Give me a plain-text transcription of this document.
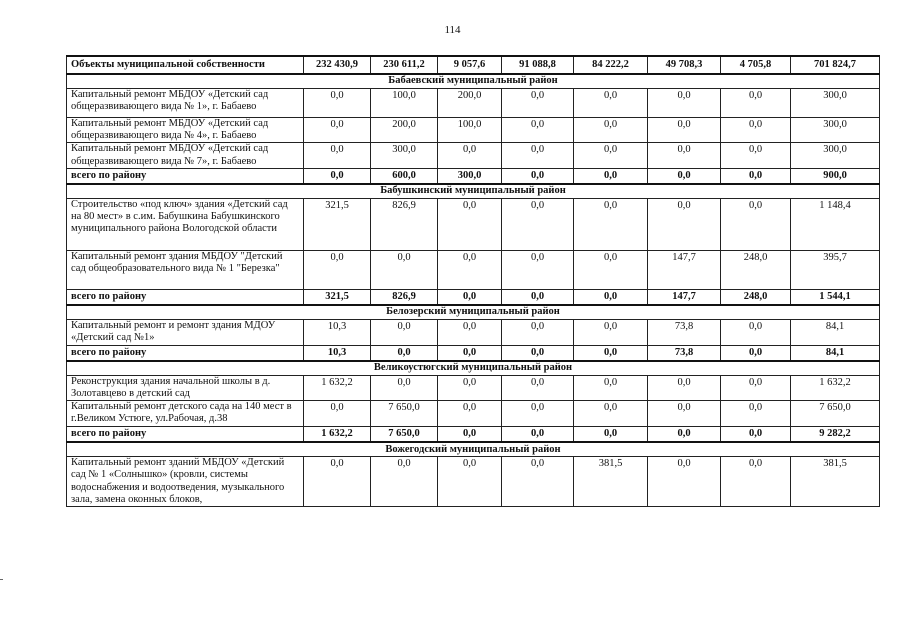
114
Объекты муниципальной собственности	232 430,9	230 611,2	9 057,6	91 088,8	84 222,2	49 708,3	4 705,8	701 824,7
Бабаевский муниципальный район								
Капитальный ремонт МБДОУ «Детский сад общеразвивающего вида № 1», г. Бабаево	0,0	100,0	200,0	0,0	0,0	0,0	0,0	300,0
Капитальный ремонт МБДОУ «Детский сад общеразвивающего вида № 4», г. Бабаево	0,0	200,0	100,0	0,0	0,0	0,0	0,0	300,0
Капитальный ремонт МБДОУ «Детский сад общеразвивающего вида № 7», г. Бабаево	0,0	300,0	0,0	0,0	0,0	0,0	0,0	300,0
всего по району	0,0	600,0	300,0	0,0	0,0	0,0	0,0	900,0
Бабушкинский муниципальный район								
Строительство «под ключ» здания «Детский сад на 80 мест» в с.им. Бабушкина Бабушкинского муниципального района Вологодской области	321,5	826,9	0,0	0,0	0,0	0,0	0,0	1 148,4
Капитальный ремонт здания МБДОУ "Детский сад общеобразовательного вида № 1 "Березка"	0,0	0,0	0,0	0,0	0,0	147,7	248,0	395,7
всего по району	321,5	826,9	0,0	0,0	0,0	147,7	248,0	1 544,1
Белозерский муниципальный район								
Капитальный ремонт и ремонт здания МДОУ «Детский сад №1»	10,3	0,0	0,0	0,0	0,0	73,8	0,0	84,1
всего по району	10,3	0,0	0,0	0,0	0,0	73,8	0,0	84,1
Великоустюгский муниципальный район								
Реконструкция здания начальной школы в д. Золотавцево в детский сад	1 632,2	0,0	0,0	0,0	0,0	0,0	0,0	1 632,2
Капитальный ремонт детского сада на 140 мест в г.Великом Устюге, ул.Рабочая, д.38	0,0	7 650,0	0,0	0,0	0,0	0,0	0,0	7 650,0
всего по району	1 632,2	7 650,0	0,0	0,0	0,0	0,0	0,0	9 282,2
Вожегодский муниципальный район								
Капитальный ремонт зданий МБДОУ «Детский сад № 1 «Солнышко» (кровли, системы водоснабжения и водоотведения, музыкального зала, замена оконных блоков,	0,0	0,0	0,0	0,0	381,5	0,0	0,0	381,5
